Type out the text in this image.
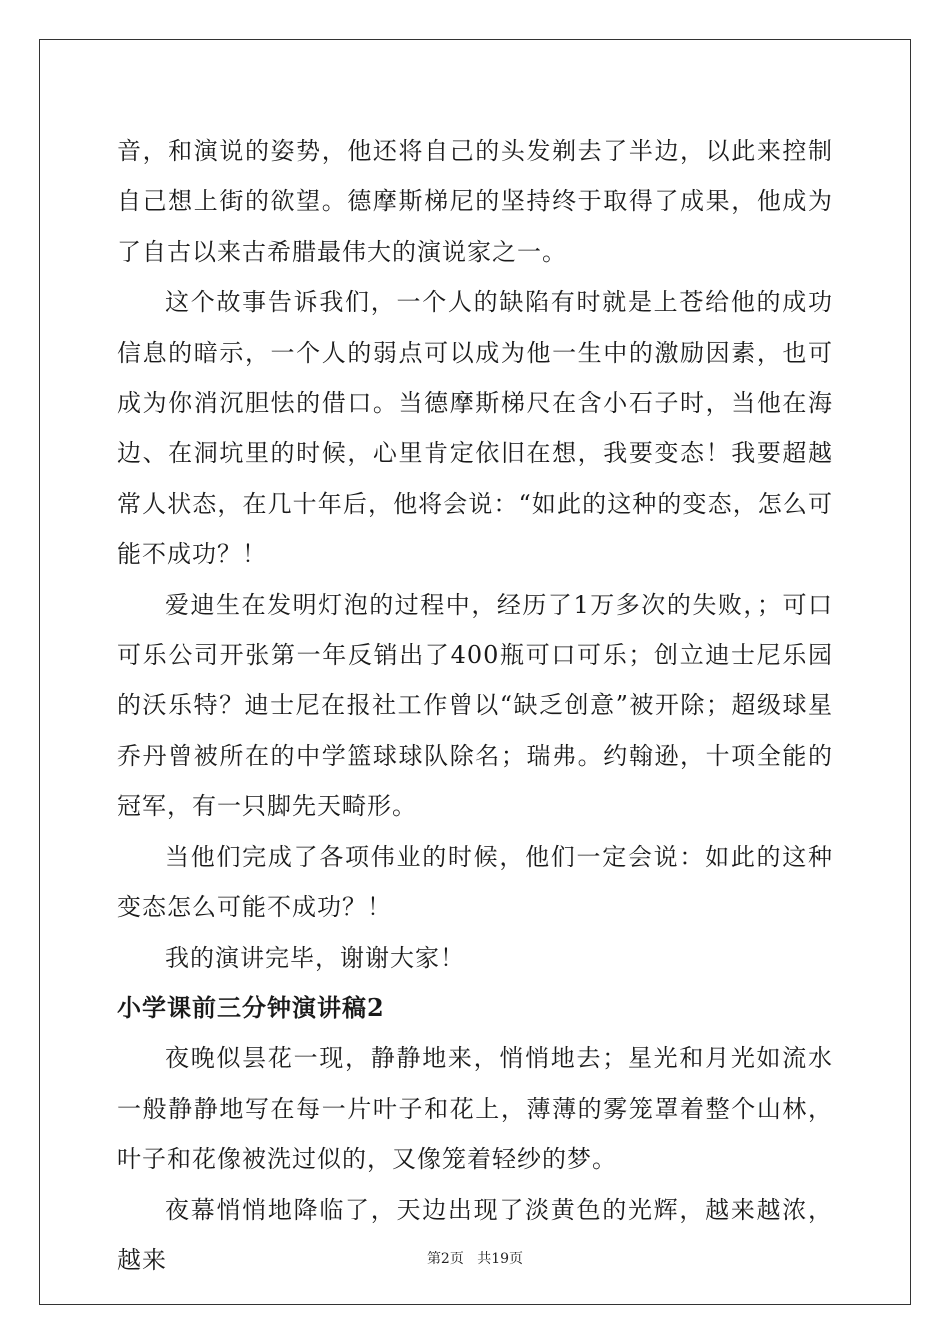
音，和演说的姿势，他还将自己的头发剃去了半边，以此来控制自己想上街的欲望。德摩斯梯尼的坚持终于取得了成果，他成为了自古以来古希腊最伟大的演说家之一。

这个故事告诉我们，一个人的缺陷有时就是上苍给他的成功信息的暗示，一个人的弱点可以成为他一生中的激励因素，也可成为你消沉胆怯的借口。当德摩斯梯尺在含小石子时，当他在海边、在洞坑里的时候，心里肯定依旧在想，我要变态！我要超越常人状态，在几十年后，他将会说：“如此的这种的变态，怎么可能不成功？！

爱迪生在发明灯泡的过程中，经历了1万多次的失败，；可口可乐公司开张第一年反销出了400瓶可口可乐；创立迪士尼乐园的沃乐特？迪士尼在报社工作曾以“缺乏创意”被开除；超级球星乔丹曾被所在的中学篮球球队除名；瑞弗。约翰逊，十项全能的冠军，有一只脚先天畸形。

当他们完成了各项伟业的时候，他们一定会说：如此的这种变态怎么可能不成功？！

我的演讲完毕，谢谢大家！

小学课前三分钟演讲稿2

夜晚似昙花一现，静静地来，悄悄地去；星光和月光如流水一般静静地写在每一片叶子和花上，薄薄的雾笼罩着整个山林，叶子和花像被洗过似的，又像笼着轻纱的梦。

夜幕悄悄地降临了，天边出现了淡黄色的光辉，越来越浓，越来	第2页 共19页
